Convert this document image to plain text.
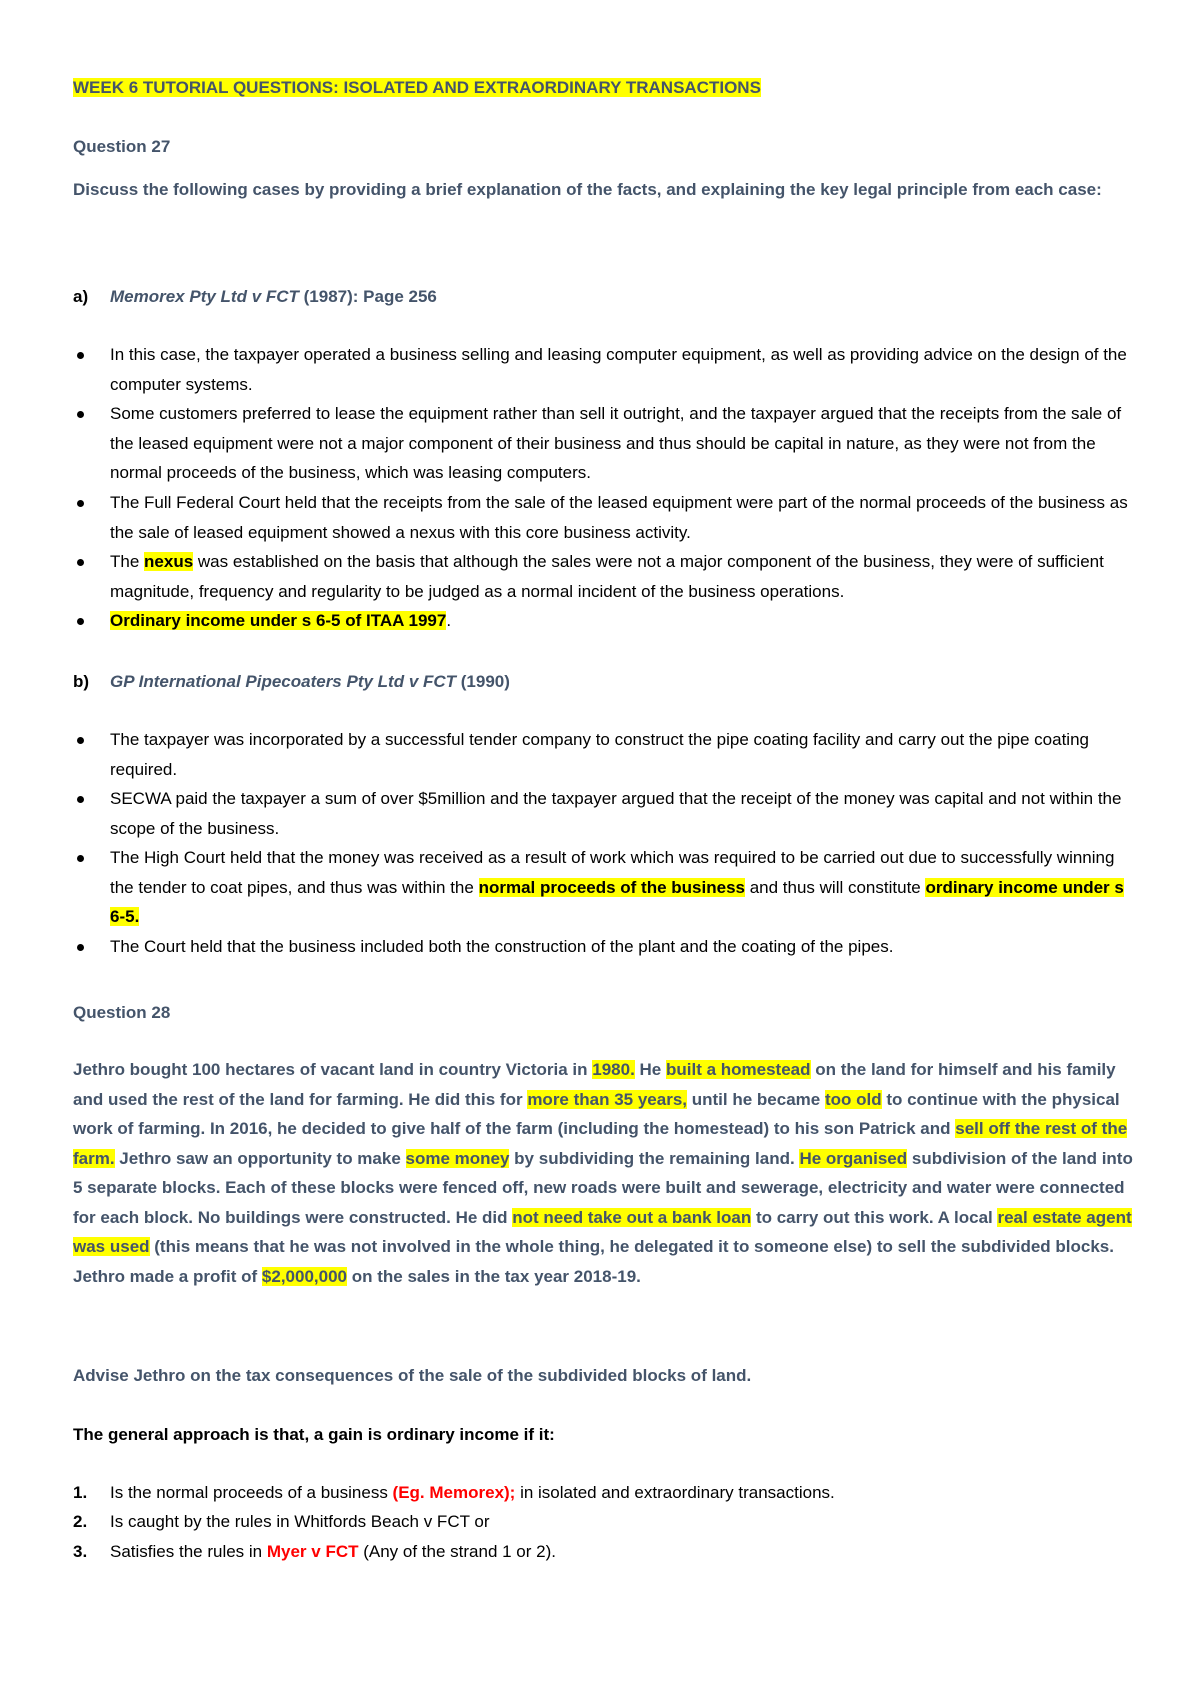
WEEK 6 TUTORIAL QUESTIONS: ISOLATED AND EXTRAORDINARY TRANSACTIONS
Question 27
Discuss the following cases by providing a brief explanation of the facts, and explaining the key legal principle from each case:
a) Memorex Pty Ltd v FCT (1987): Page 256
In this case, the taxpayer operated a business selling and leasing computer equipment, as well as providing advice on the design of the computer systems.
Some customers preferred to lease the equipment rather than sell it outright, and the taxpayer argued that the receipts from the sale of the leased equipment were not a major component of their business and thus should be capital in nature, as they were not from the normal proceeds of the business, which was leasing computers.
The Full Federal Court held that the receipts from the sale of the leased equipment were part of the normal proceeds of the business as the sale of leased equipment showed a nexus with this core business activity.
The nexus was established on the basis that although the sales were not a major component of the business, they were of sufficient magnitude, frequency and regularity to be judged as a normal incident of the business operations.
Ordinary income under s 6-5 of ITAA 1997.
b) GP International Pipecoaters Pty Ltd v FCT (1990)
The taxpayer was incorporated by a successful tender company to construct the pipe coating facility and carry out the pipe coating required.
SECWA paid the taxpayer a sum of over $5million and the taxpayer argued that the receipt of the money was capital and not within the scope of the business.
The High Court held that the money was received as a result of work which was required to be carried out due to successfully winning the tender to coat pipes, and thus was within the normal proceeds of the business and thus will constitute ordinary income under s 6-5.
The Court held that the business included both the construction of the plant and the coating of the pipes.
Question 28
Jethro bought 100 hectares of vacant land in country Victoria in 1980. He built a homestead on the land for himself and his family and used the rest of the land for farming. He did this for more than 35 years, until he became too old to continue with the physical work of farming. In 2016, he decided to give half of the farm (including the homestead) to his son Patrick and sell off the rest of the farm. Jethro saw an opportunity to make some money by subdividing the remaining land. He organised subdivision of the land into 5 separate blocks. Each of these blocks were fenced off, new roads were built and sewerage, electricity and water were connected for each block. No buildings were constructed. He did not need take out a bank loan to carry out this work. A local real estate agent was used (this means that he was not involved in the whole thing, he delegated it to someone else) to sell the subdivided blocks. Jethro made a profit of $2,000,000 on the sales in the tax year 2018-19.
Advise Jethro on the tax consequences of the sale of the subdivided blocks of land.
The general approach is that, a gain is ordinary income if it:
1. Is the normal proceeds of a business (Eg. Memorex); in isolated and extraordinary transactions.
2. Is caught by the rules in Whitfords Beach v FCT or
3. Satisfies the rules in Myer v FCT (Any of the strand 1 or 2).
